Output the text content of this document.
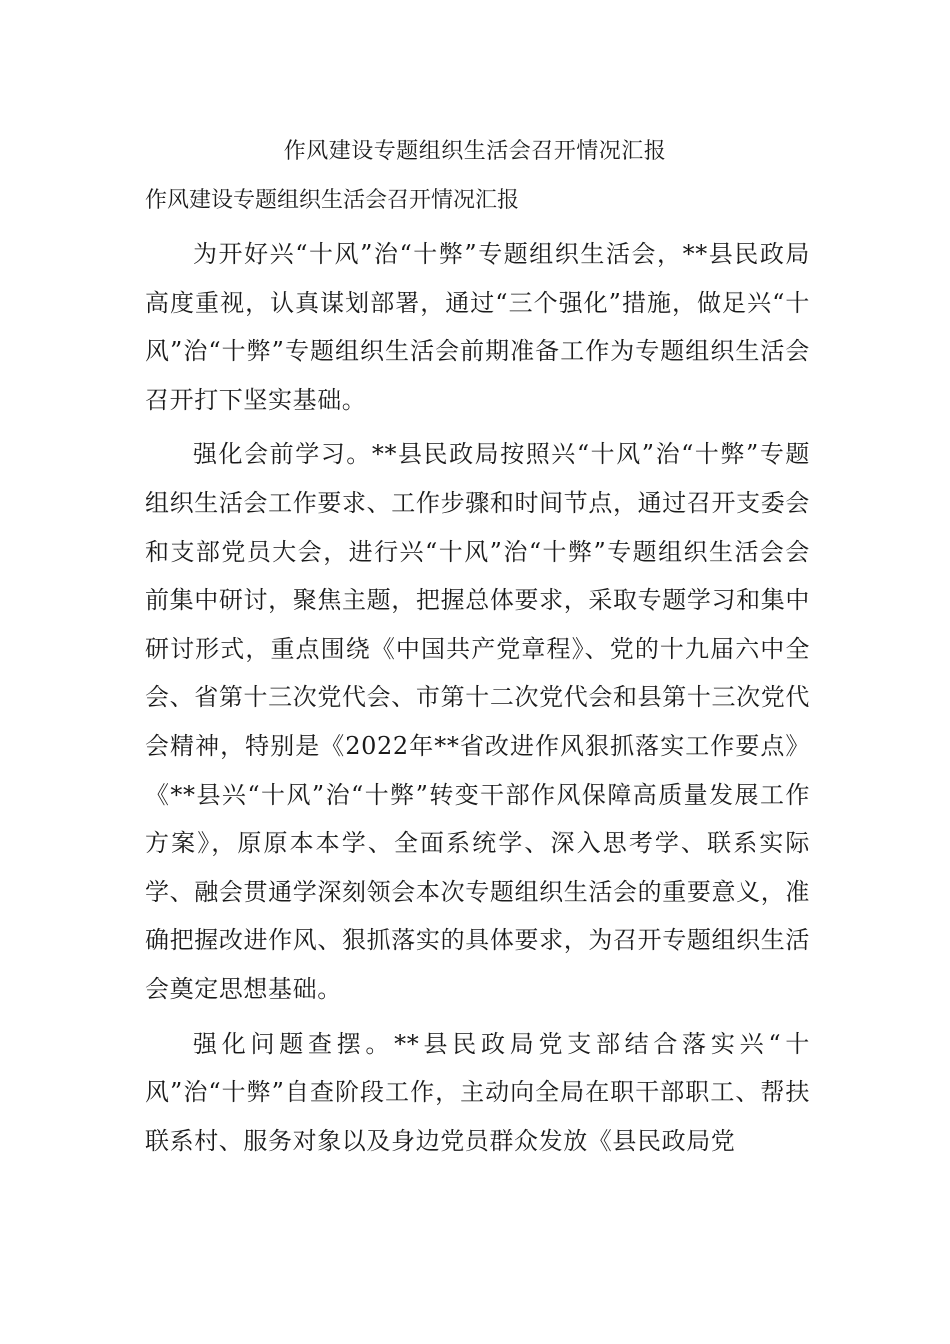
作风建设专题组织生活会召开情况汇报
作风建设专题组织生活会召开情况汇报

为开好兴“十风”治“十弊”专题组织生活会，**县民政局高度重视，认真谋划部署，通过“三个强化”措施，做足兴“十风”治“十弊”专题组织生活会前期准备工作为专题组织生活会召开打下坚实基础。

强化会前学习。**县民政局按照兴“十风”治“十弊”专题组织生活会工作要求、工作步骤和时间节点，通过召开支委会和支部党员大会，进行兴“十风”治“十弊”专题组织生活会会前集中研讨，聚焦主题，把握总体要求，采取专题学习和集中研讨形式，重点围绕《中国共产党章程》、党的十九届六中全会、省第十三次党代会、市第十二次党代会和县第十三次党代会精神，特别是《2022年**省改进作风狠抓落实工作要点》《**县兴“十风”治“十弊”转变干部作风保障高质量发展工作方案》，原原本本学、全面系统学、深入思考学、联系实际学、融会贯通学深刻领会本次专题组织生活会的重要意义，准确把握改进作风、狠抓落实的具体要求，为召开专题组织生活会奠定思想基础。

强化问题查摆。**县民政局党支部结合落实兴“十风”治“十弊”自查阶段工作，主动向全局在职干部职工、帮扶联系村、服务对象以及身边党员群众发放《县民政局党
